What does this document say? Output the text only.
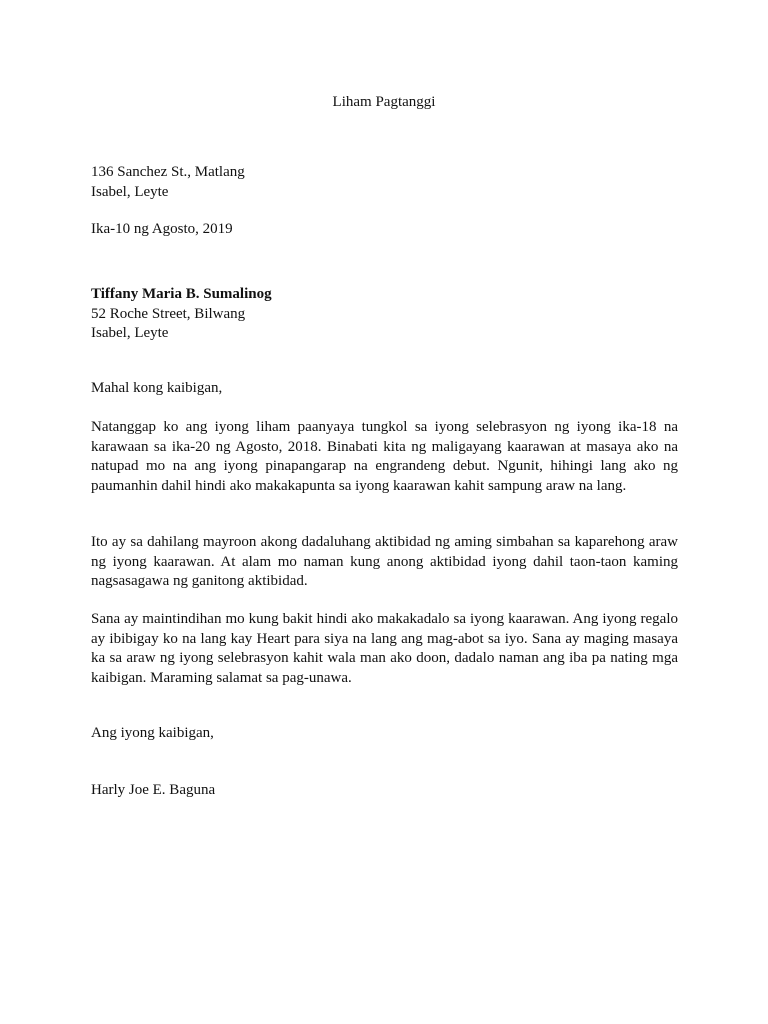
Liham Pagtanggi
136 Sanchez St., Matlang
Isabel, Leyte
Ika-10 ng Agosto, 2019
Tiffany Maria B. Sumalinog
52 Roche Street, Bilwang
Isabel, Leyte
Mahal kong kaibigan,
Natanggap ko ang iyong liham paanyaya tungkol sa iyong selebrasyon ng iyong ika-18 na karawaan sa ika-20 ng Agosto, 2018. Binabati kita ng maligayang kaarawan at masaya ako na natupad mo na ang iyong pinapangarap na engrandeng debut. Ngunit, hihingi lang ako ng paumanhin dahil hindi ako makakapunta sa iyong kaarawan kahit sampung araw na lang.
Ito ay sa dahilang mayroon akong dadaluhang aktibidad ng aming simbahan sa kaparehong araw ng iyong kaarawan. At alam mo naman kung anong aktibidad iyong dahil taon-taon kaming nagsasagawa ng ganitong aktibidad.
Sana ay maintindihan mo kung bakit hindi ako makakadalo sa iyong kaarawan. Ang iyong regalo ay ibibigay ko na lang kay Heart para siya na lang ang mag-abot sa iyo. Sana ay maging masaya ka sa araw ng iyong selebrasyon kahit wala man ako doon, dadalo naman ang iba pa nating mga kaibigan. Maraming salamat sa pag-unawa.
Ang iyong kaibigan,
Harly Joe E. Baguna
